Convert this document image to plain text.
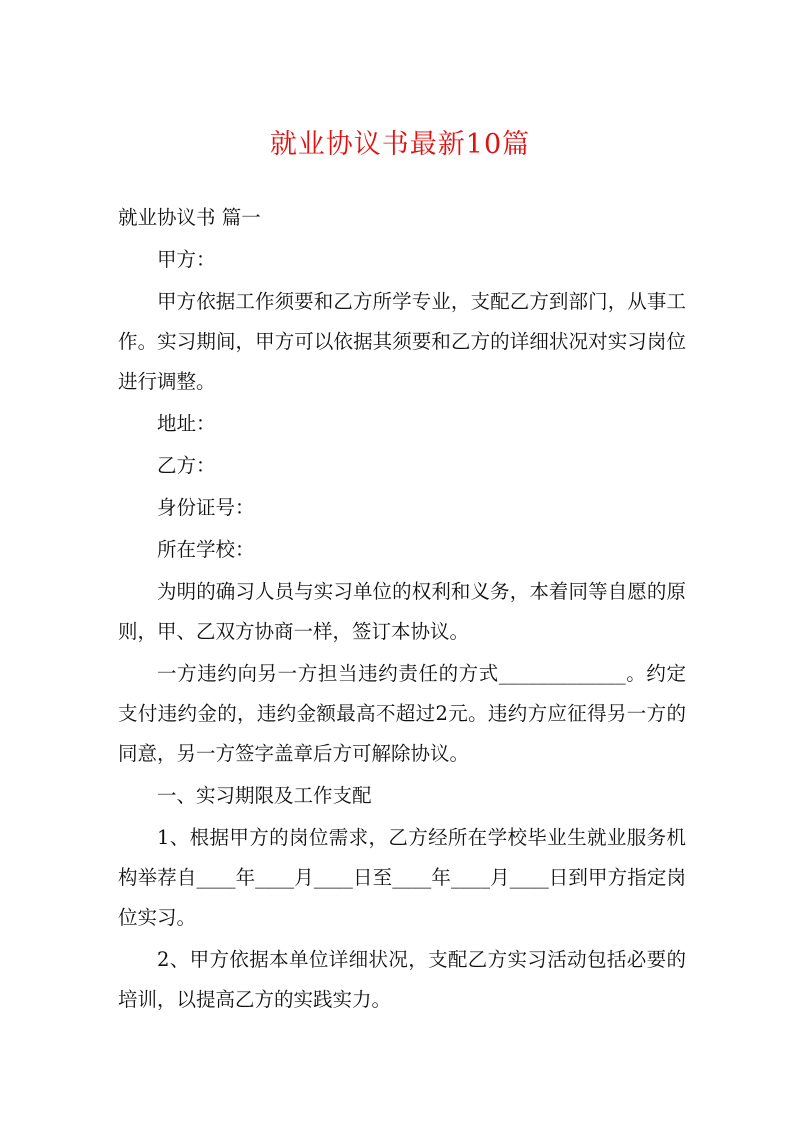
就业协议书最新10篇

就业协议书 篇一

甲方：

甲方依据工作须要和乙方所学专业，支配乙方到部门，从事工作。实习期间，甲方可以依据其须要和乙方的详细状况对实习岗位进行调整。

地址：

乙方：

身份证号：

所在学校：

为明的确习人员与实习单位的权利和义务，本着同等自愿的原则，甲、乙双方协商一样，签订本协议。

一方违约向另一方担当违约责任的方式_____________。约定支付违约金的，违约金额最高不超过2元。违约方应征得另一方的同意，另一方签字盖章后方可解除协议。

一、实习期限及工作支配

1、根据甲方的岗位需求，乙方经所在学校毕业生就业服务机构举荐自____年____月____日至____年____月____日到甲方指定岗位实习。

2、甲方依据本单位详细状况，支配乙方实习活动包括必要的培训，以提高乙方的实践实力。
